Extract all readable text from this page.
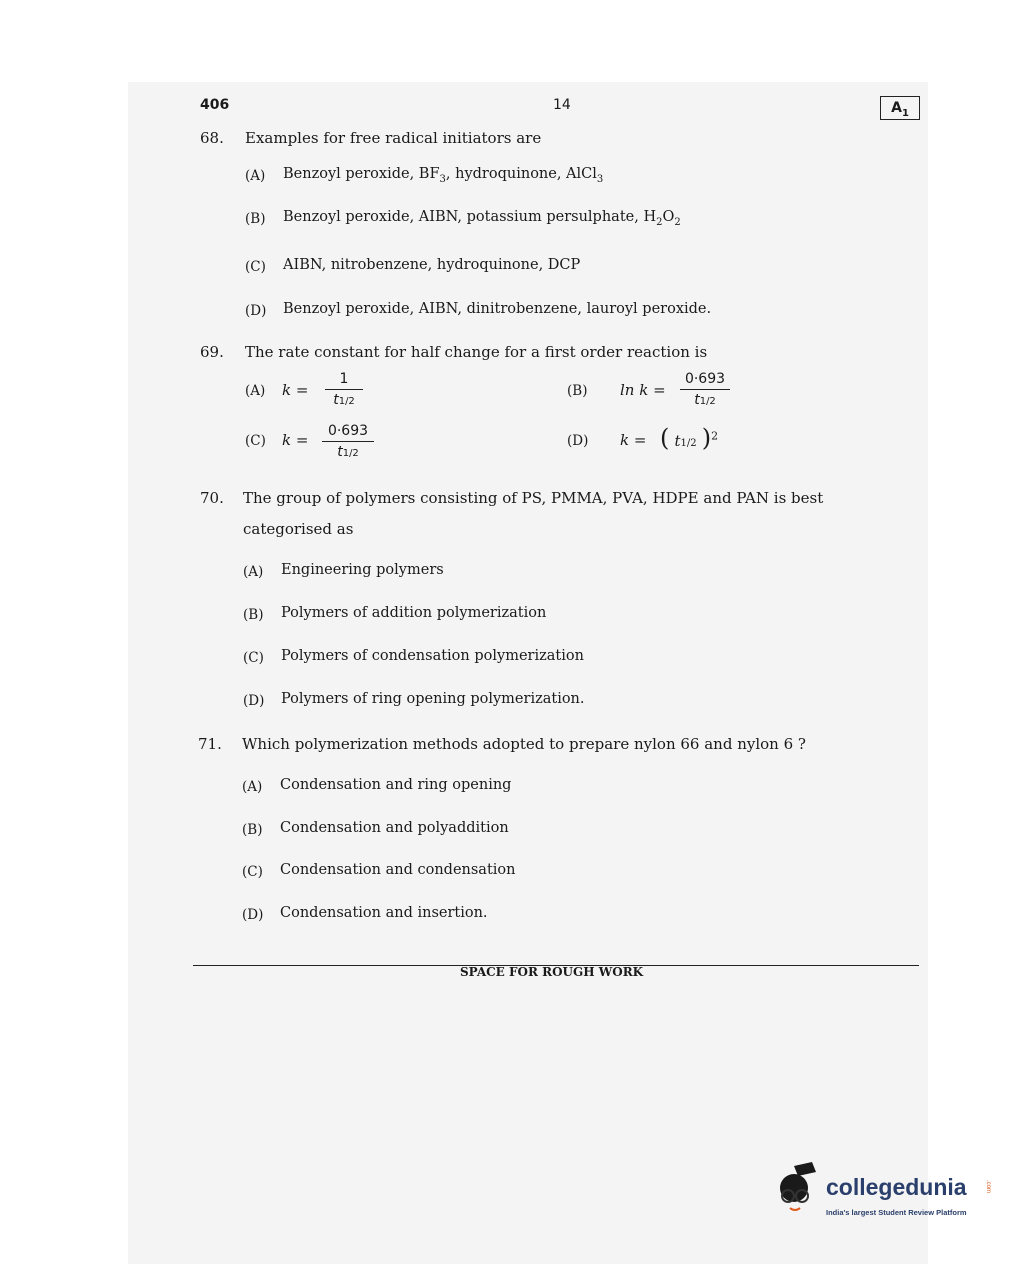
406	14	$A_1$
68. Examples for free radical initiators are
(A) Benzoyl peroxide, $BF_3$, hydroquinone, AlCl$_3$
(B) Benzoyl peroxide, AIBN, potassium persulphate, $H_2O_2$
(C) AIBN, nitrobenzene, hydroquinone, DCP
(D) Benzoyl peroxide, AIBN, dinitrobenzene, lauroyl peroxide.
69. The rate constant for half change for a first order reaction is
(A) k =
1
t1/2
(B) ln k =
0·693
t1/2
(C) k = 0·693
t1/2
(D) k = ( t1/2 )$^2$
70. The group of polymers consisting of PS, PMMA, PVA, HDPE and PAN is best
categorised as
(A) Engineering polymers
(B) Polymers of addition polymerization
(C) Polymers of condensation polymerization
(D) Polymers of ring opening polymerization.
71. Which polymerization methods adopted to prepare nylon 66 and nylon 6 ?
(A) Condensation and ring opening
(B) Condensation and polyaddition
(C) Condensation and condensation
(D) Condensation and insertion.
SPACE FOR ROUGH WORK
collegedunia	.com
India's largest Student Review Platform
